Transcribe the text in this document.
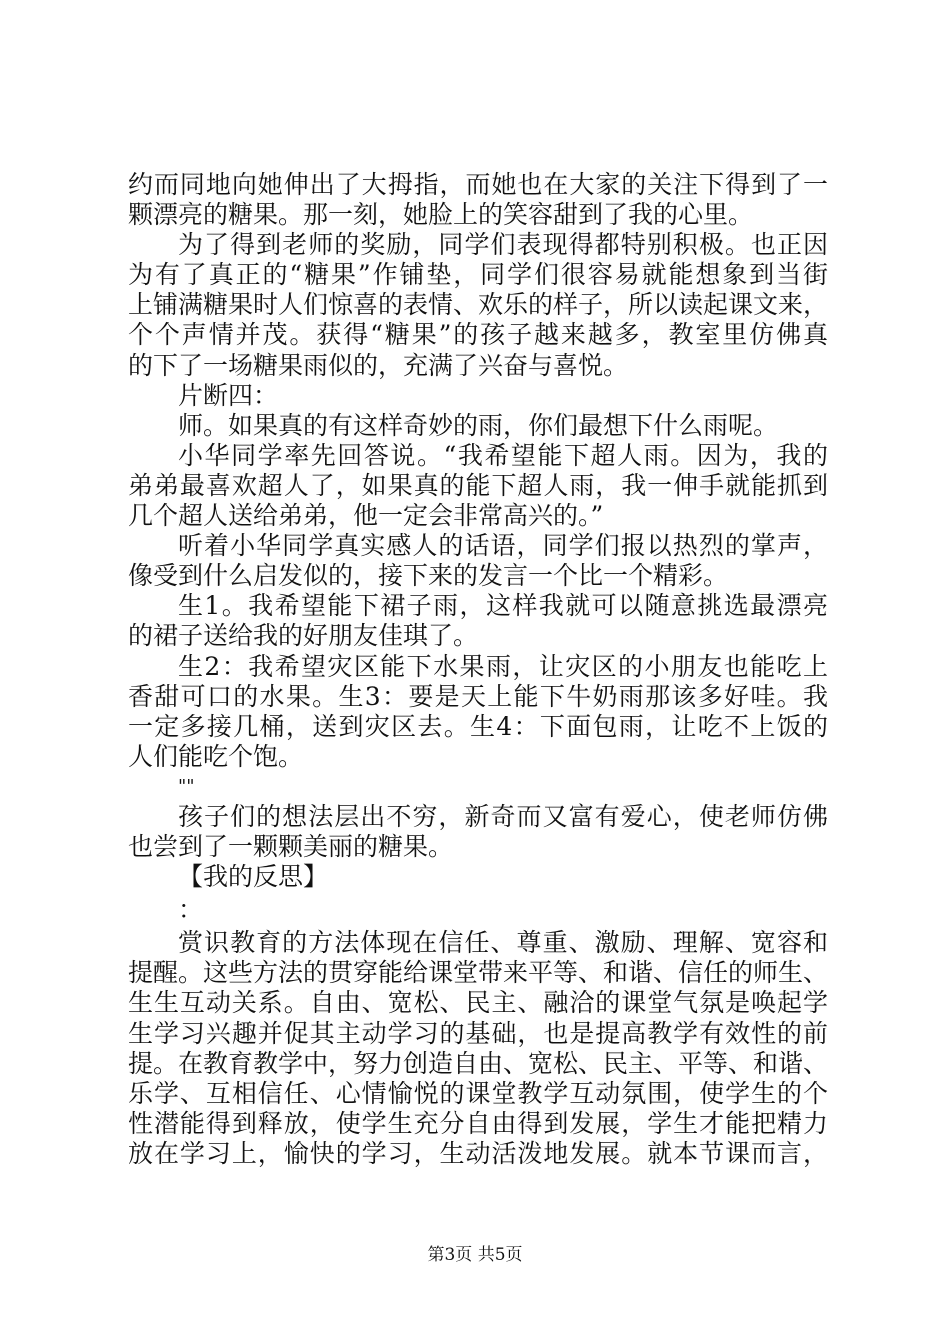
约而同地向她伸出了大拇指，而她也在大家的关注下得到了一
颗漂亮的糖果。那一刻，她脸上的笑容甜到了我的心里。
为了得到老师的奖励，同学们表现得都特别积极。也正因
为有了真正的“糖果”作铺垫，同学们很容易就能想象到当街
上铺满糖果时人们惊喜的表情、欢乐的样子，所以读起课文来，
个个声情并茂。获得“糖果”的孩子越来越多，教室里仿佛真
的下了一场糖果雨似的，充满了兴奋与喜悦。
片断四：
师。如果真的有这样奇妙的雨，你们最想下什么雨呢。
小华同学率先回答说。“我希望能下超人雨。因为，我的
弟弟最喜欢超人了，如果真的能下超人雨，我一伸手就能抓到
几个超人送给弟弟，他一定会非常高兴的。”
听着小华同学真实感人的话语，同学们报以热烈的掌声，
像受到什么启发似的，接下来的发言一个比一个精彩。
生1。我希望能下裙子雨，这样我就可以随意挑选最漂亮
的裙子送给我的好朋友佳琪了。
生2：我希望灾区能下水果雨，让灾区的小朋友也能吃上
香甜可口的水果。生3：要是天上能下牛奶雨那该多好哇。我
一定多接几桶，送到灾区去。生4：下面包雨，让吃不上饭的
人们能吃个饱。
""
孩子们的想法层出不穷，新奇而又富有爱心，使老师仿佛
也尝到了一颗颗美丽的糖果。
【我的反思】
：
赏识教育的方法体现在信任、尊重、激励、理解、宽容和
提醒。这些方法的贯穿能给课堂带来平等、和谐、信任的师生、
生生互动关系。自由、宽松、民主、融洽的课堂气氛是唤起学
生学习兴趣并促其主动学习的基础，也是提高教学有效性的前
提。在教育教学中，努力创造自由、宽松、民主、平等、和谐、
乐学、互相信任、心情愉悦的课堂教学互动氛围，使学生的个
性潜能得到释放，使学生充分自由得到发展，学生才能把精力
放在学习上，愉快的学习，生动活泼地发展。就本节课而言，
第3页 共5页
